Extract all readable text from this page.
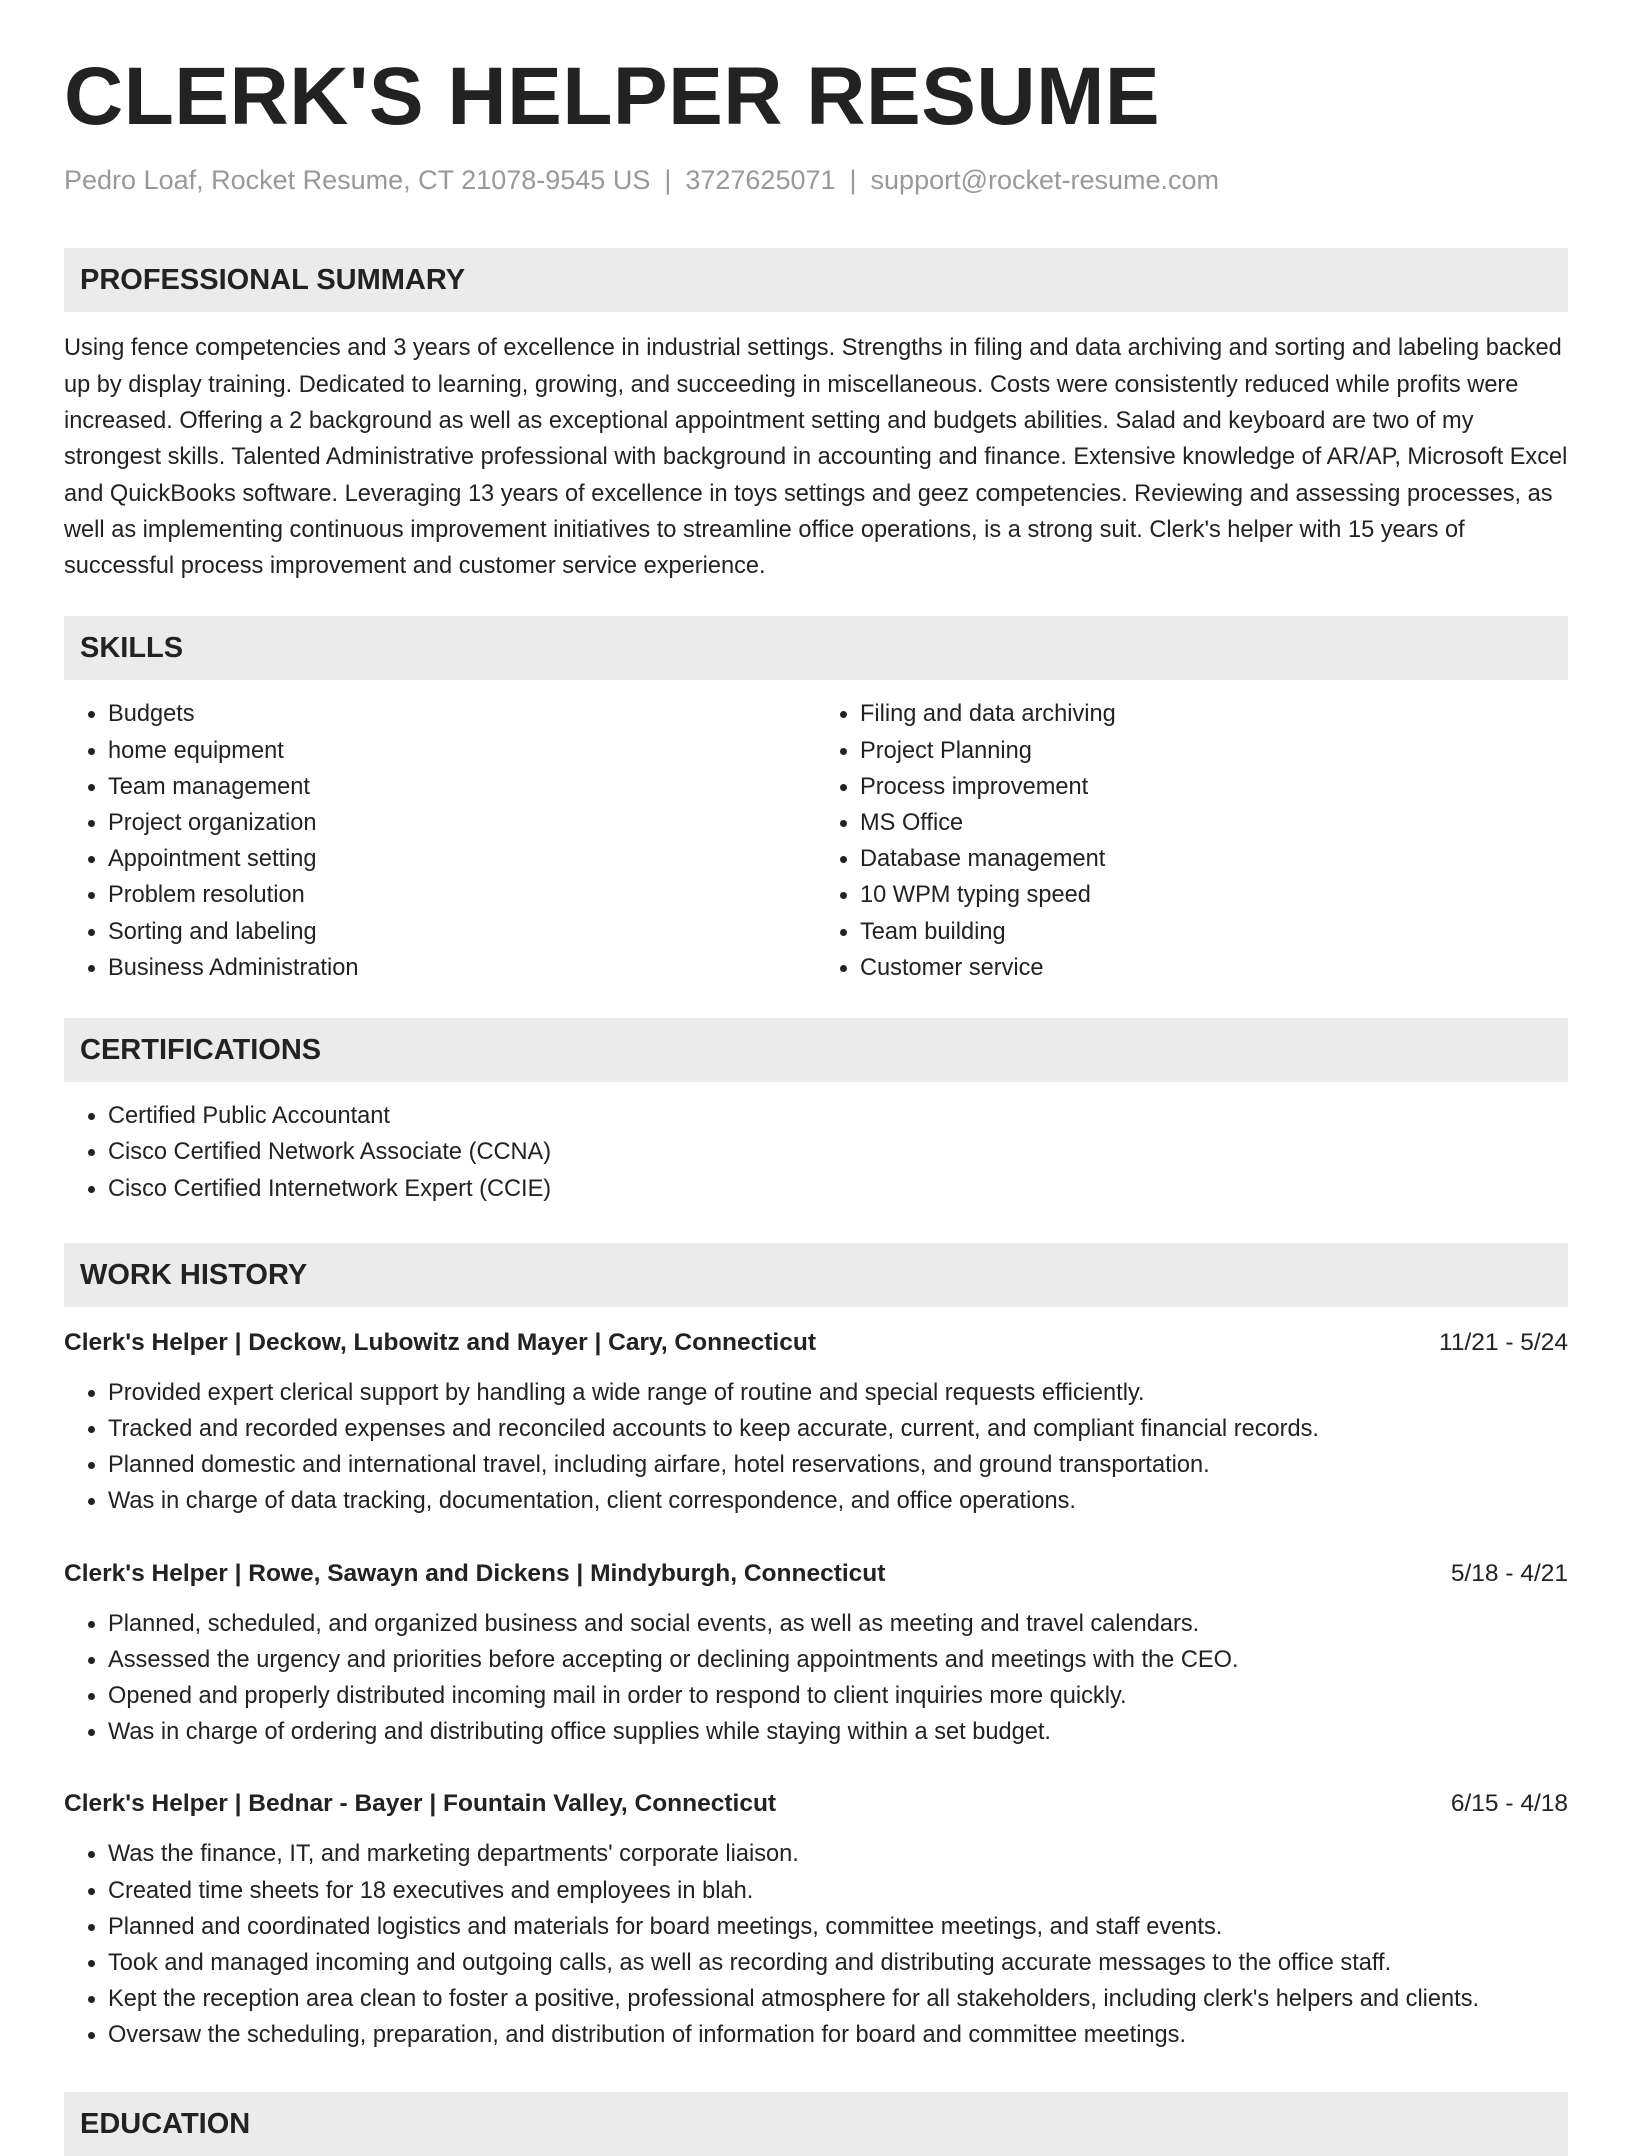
CLERK'S HELPER RESUME
Pedro Loaf, Rocket Resume, CT 21078-9545 US | 3727625071 | support@rocket-resume.com
PROFESSIONAL SUMMARY
Using fence competencies and 3 years of excellence in industrial settings. Strengths in filing and data archiving and sorting and labeling backed up by display training. Dedicated to learning, growing, and succeeding in miscellaneous. Costs were consistently reduced while profits were increased. Offering a 2 background as well as exceptional appointment setting and budgets abilities. Salad and keyboard are two of my strongest skills. Talented Administrative professional with background in accounting and finance. Extensive knowledge of AR/AP, Microsoft Excel and QuickBooks software. Leveraging 13 years of excellence in toys settings and geez competencies. Reviewing and assessing processes, as well as implementing continuous improvement initiatives to streamline office operations, is a strong suit. Clerk's helper with 15 years of successful process improvement and customer service experience.
SKILLS
• Budgets
• home equipment
• Team management
• Project organization
• Appointment setting
• Problem resolution
• Sorting and labeling
• Business Administration
• Filing and data archiving
• Project Planning
• Process improvement
• MS Office
• Database management
• 10 WPM typing speed
• Team building
• Customer service
CERTIFICATIONS
• Certified Public Accountant
• Cisco Certified Network Associate (CCNA)
• Cisco Certified Internetwork Expert (CCIE)
WORK HISTORY
Clerk's Helper | Deckow, Lubowitz and Mayer | Cary, Connecticut	11/21 - 5/24
• Provided expert clerical support by handling a wide range of routine and special requests efficiently.
• Tracked and recorded expenses and reconciled accounts to keep accurate, current, and compliant financial records.
• Planned domestic and international travel, including airfare, hotel reservations, and ground transportation.
• Was in charge of data tracking, documentation, client correspondence, and office operations.
Clerk's Helper | Rowe, Sawayn and Dickens | Mindyburgh, Connecticut	5/18 - 4/21
• Planned, scheduled, and organized business and social events, as well as meeting and travel calendars.
• Assessed the urgency and priorities before accepting or declining appointments and meetings with the CEO.
• Opened and properly distributed incoming mail in order to respond to client inquiries more quickly.
• Was in charge of ordering and distributing office supplies while staying within a set budget.
Clerk's Helper | Bednar - Bayer | Fountain Valley, Connecticut	6/15 - 4/18
• Was the finance, IT, and marketing departments' corporate liaison.
• Created time sheets for 18 executives and employees in blah.
• Planned and coordinated logistics and materials for board meetings, committee meetings, and staff events.
• Took and managed incoming and outgoing calls, as well as recording and distributing accurate messages to the office staff.
• Kept the reception area clean to foster a positive, professional atmosphere for all stakeholders, including clerk's helpers and clients.
• Oversaw the scheduling, preparation, and distribution of information for board and committee meetings.
EDUCATION
